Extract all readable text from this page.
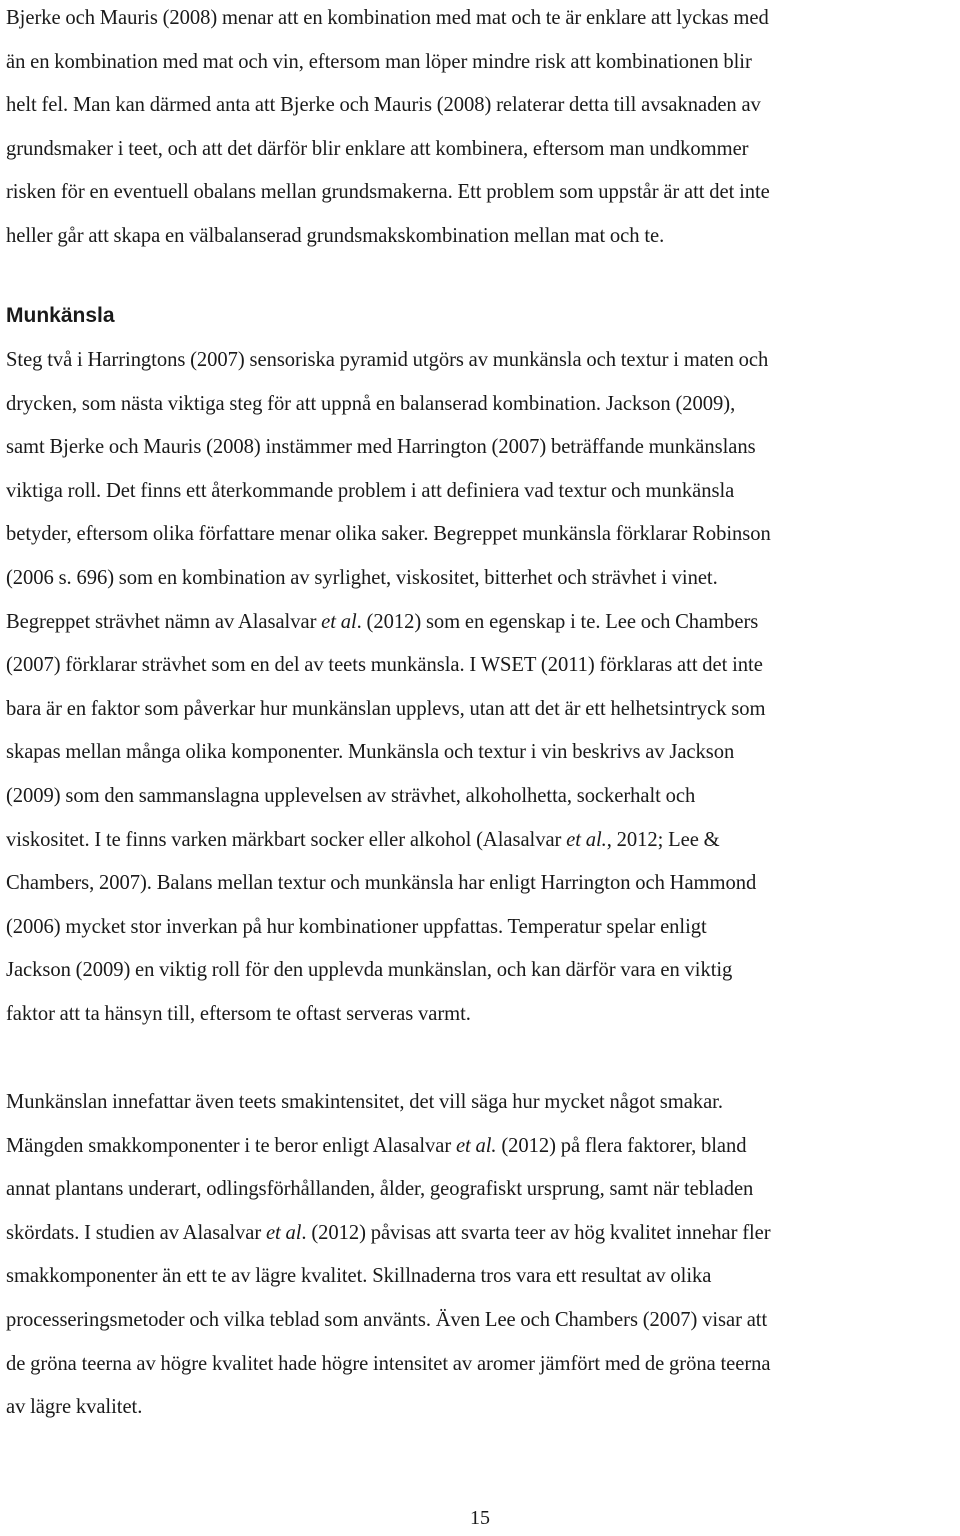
Bjerke och Mauris (2008) menar att en kombination med mat och te är enklare att lyckas med
än en kombination med mat och vin, eftersom man löper mindre risk att kombinationen blir
helt fel. Man kan därmed anta att Bjerke och Mauris (2008) relaterar detta till avsaknaden av
grundsmaker i teet, och att det därför blir enklare att kombinera, eftersom man undkommer
risken för en eventuell obalans mellan grundsmakerna. Ett problem som uppstår är att det inte
heller går att skapa en välbalanserad grundsmakskombination mellan mat och te.

Munkänsla

Steg två i Harringtons (2007) sensoriska pyramid utgörs av munkänsla och textur i maten och
drycken, som nästa viktiga steg för att uppnå en balanserad kombination. Jackson (2009),
samt Bjerke och Mauris (2008) instämmer med Harrington (2007) beträffande munkänslans
viktiga roll. Det finns ett återkommande problem i att definiera vad textur och munkänsla
betyder, eftersom olika författare menar olika saker. Begreppet munkänsla förklarar Robinson
(2006 s. 696) som en kombination av syrlighet, viskositet, bitterhet och strävhet i vinet.
Begreppet strävhet nämn av Alasalvar et al. (2012) som en egenskap i te. Lee och Chambers
(2007) förklarar strävhet som en del av teets munkänsla. I WSET (2011) förklaras att det inte
bara är en faktor som påverkar hur munkänslan upplevs, utan att det är ett helhetsintryck som
skapas mellan många olika komponenter. Munkänsla och textur i vin beskrivs av Jackson
(2009) som den sammanslagna upplevelsen av strävhet, alkoholhetta, sockerhalt och
viskositet. I te finns varken märkbart socker eller alkohol (Alasalvar et al., 2012; Lee &
Chambers, 2007). Balans mellan textur och munkänsla har enligt Harrington och Hammond
(2006) mycket stor inverkan på hur kombinationer uppfattas. Temperatur spelar enligt
Jackson (2009) en viktig roll för den upplevda munkänslan, och kan därför vara en viktig
faktor att ta hänsyn till, eftersom te oftast serveras varmt.

Munkänslan innefattar även teets smakintensitet, det vill säga hur mycket något smakar.
Mängden smakkomponenter i te beror enligt Alasalvar et al. (2012) på flera faktorer, bland
annat plantans underart, odlingsförhållanden, ålder, geografiskt ursprung, samt när tebladen
skördats. I studien av Alasalvar et al. (2012) påvisas att svarta teer av hög kvalitet innehar fler
smakkomponenter än ett te av lägre kvalitet. Skillnaderna tros vara ett resultat av olika
processeringsmetoder och vilka teblad som använts. Även Lee och Chambers (2007) visar att
de gröna teerna av högre kvalitet hade högre intensitet av aromer jämfört med de gröna teerna
av lägre kvalitet.

15
